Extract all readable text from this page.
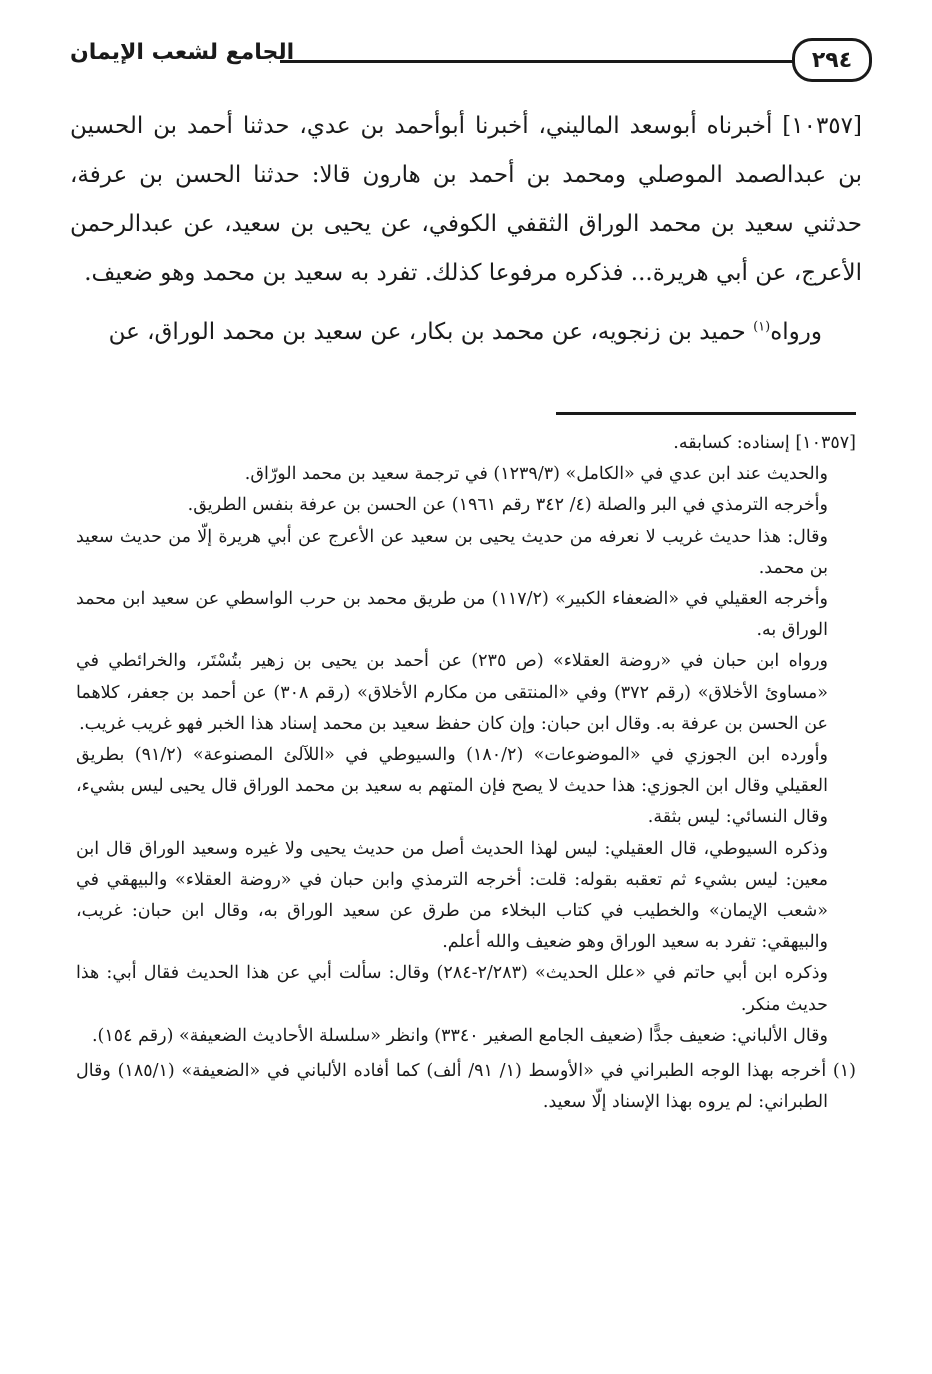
٢٩٤
الجامع لشعب الإيمان

[١٠٣٥٧] أخبرناه أبوسعد الماليني، أخبرنا أبوأحمد بن عدي، حدثنا أحمد بن الحسين بن عبدالصمد الموصلي ومحمد بن أحمد بن هارون قالا: حدثنا الحسن بن عرفة، حدثني سعيد بن محمد الوراق الثقفي الكوفي، عن يحيى بن سعيد، عن عبدالرحمن الأعرج، عن أبي هريرة... فذكره مرفوعا كذلك. تفرد به سعيد بن محمد وهو ضعيف.

ورواه$^{(١)}$ حميد بن زنجويه، عن محمد بن بكار، عن سعيد بن محمد الوراق، عن

[١٠٣٥٧] إسناده: كسابقه.

والحديث عند ابن عدي في «الكامل» (١٢٣٩/٣) في ترجمة سعيد بن محمد الورّاق.

وأخرجه الترمذي في البر والصلة (٤/ ٣٤٢ رقم ١٩٦١) عن الحسن بن عرفة بنفس الطريق.

وقال: هذا حديث غريب لا نعرفه من حديث يحيى بن سعيد عن الأعرج عن أبي هريرة إلّا من حديث سعيد بن محمد.

وأخرجه العقيلي في «الضعفاء الكبير» (١١٧/٢) من طريق محمد بن حرب الواسطي عن سعيد ابن محمد الوراق به.

ورواه ابن حبان في «روضة العقلاء» (ص ٢٣٥) عن أحمد بن يحيى بن زهير بتُسْتَر، والخرائطي في «مساوئ الأخلاق» (رقم ٣٧٢) وفي «المنتقى من مكارم الأخلاق» (رقم ٣٠٨) عن أحمد بن جعفر، كلاهما عن الحسن بن عرفة به. وقال ابن حبان: وإن كان حفظ سعيد بن محمد إسناد هذا الخبر فهو غريب غريب.

وأورده ابن الجوزي في «الموضوعات» (١٨٠/٢) والسيوطي في «اللآلئ المصنوعة» (٩١/٢) بطريق العقيلي وقال ابن الجوزي: هذا حديث لا يصح فإن المتهم به سعيد بن محمد الوراق قال يحيى ليس بشيء، وقال النسائي: ليس بثقة.

وذكره السيوطي، قال العقيلي: ليس لهذا الحديث أصل من حديث يحيى ولا غيره وسعيد الوراق قال ابن معين: ليس بشيء ثم تعقبه بقوله: قلت: أخرجه الترمذي وابن حبان في «روضة العقلاء» والبيهقي في «شعب الإيمان» والخطيب في كتاب البخلاء من طرق عن سعيد الوراق به، وقال ابن حبان: غريب، والبيهقي: تفرد به سعيد الوراق وهو ضعيف والله أعلم.

وذكره ابن أبي حاتم في «علل الحديث» (٢/٢٨٣-٢٨٤) وقال: سألت أبي عن هذا الحديث فقال أبي: هذا حديث منكر.

وقال الألباني: ضعيف جدًّا (ضعيف الجامع الصغير ٣٣٤٠) وانظر «سلسلة الأحاديث الضعيفة» (رقم ١٥٤).

(١) أخرجه بهذا الوجه الطبراني في «الأوسط (١/ ٩١/ ألف) كما أفاده الألباني في «الضعيفة» (١٨٥/١) وقال الطبراني: لم يروه بهذا الإسناد إلّا سعيد.
